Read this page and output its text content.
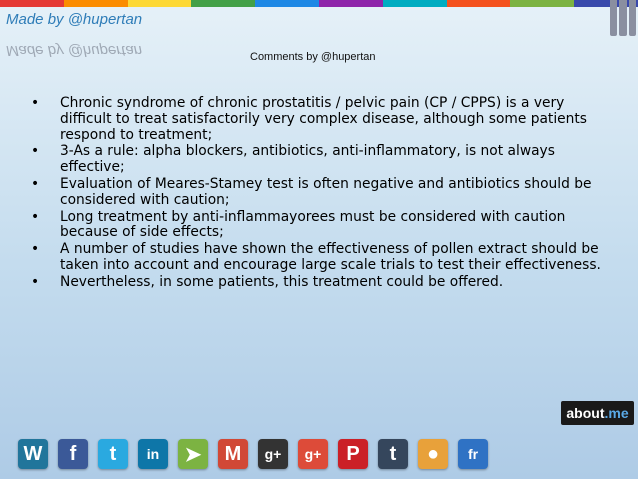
Made by @hupertan
Made by @hupertan	Comments by @hupertan
• Chronic syndrome of chronic prostatitis / pelvic pain (CP / CPPS) is a very difficult to treat satisfactorily very complex disease, although some patients respond to treatment;
• 3-As a rule: alpha blockers, antibiotics, anti-inflammatory, is not always effective;
• Evaluation of Meares-Stamey test is often negative and antibiotics should be considered with caution;
• Long treatment by anti-inflammayorees must be considered with caution because of side effects;
• A number of studies have shown the effectiveness of pollen extract should be taken into account and encourage large scale trials to test their effectiveness.
• Nevertheless, in some patients, this treatment could be offered.
about .me
W f t in ➤ M g+ g+ P t ● fr
